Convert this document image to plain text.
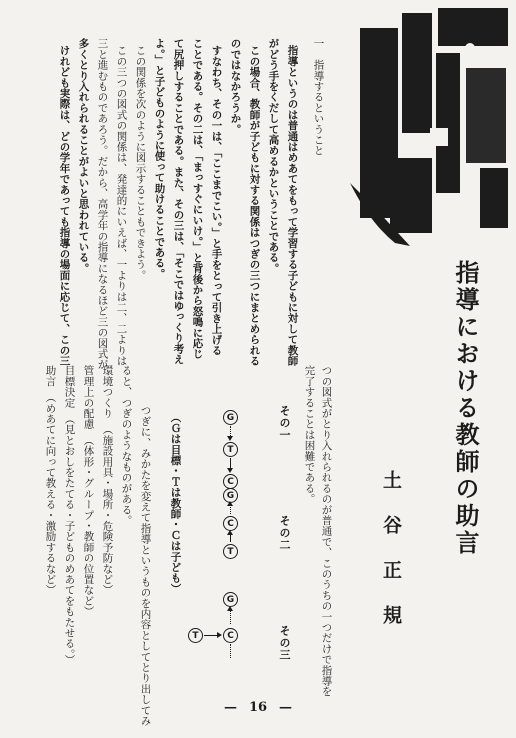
指導における教師の助言
土谷正規
一　指導するということ
指導というのは普通はめあてをもって学習する子どもに対して教師
がどう手をくだして高めるかということである。
この場合、教師が子どもに対する関係はつぎの三つにまとめられる
のではなかろうか。
すなわち、その一は、「ここまでこい。」と手をとって引き上げる
ことである。その二は、「まっすぐにいけ。」と背後から怒鳴に応じ
て尻押しすることである。また、その三は、「そこではゆっくり考え
よ。」と子どものように使って助けることである。
この関係を次のように図示することもできよう。
この三つの図式の関係は、発達的にいえば、一よりは二、二よりは
三と進むものであろう。だから、高学年の指導になるほど三の図式が
多くとり入れられることがよいと思われている。
けれども実際は、どの学年であっても指導の場面に応じて、この三
つの図式がとり入れられるのが普通で、このうちの一つだけで指導を
完了することは困難である。
その一
その二
その三
G
T
C
G
C
T
G
C
T
（Ｇは目標・Ｔは教師・Ｃは子ども）
つぎに、みかたを変えて指導というものを内容としてとり出してみ
ると、つぎのようなものがある。
環境つくり　（施設用具・場所・危険予防など）
管理上の配慮　（体形・グループ・教師の位置など）
目標決定　（見とおしをたてる・子どものめあてをもたせる。）
助言　（めあてに向って教える・激励するなど）
— 16 —
